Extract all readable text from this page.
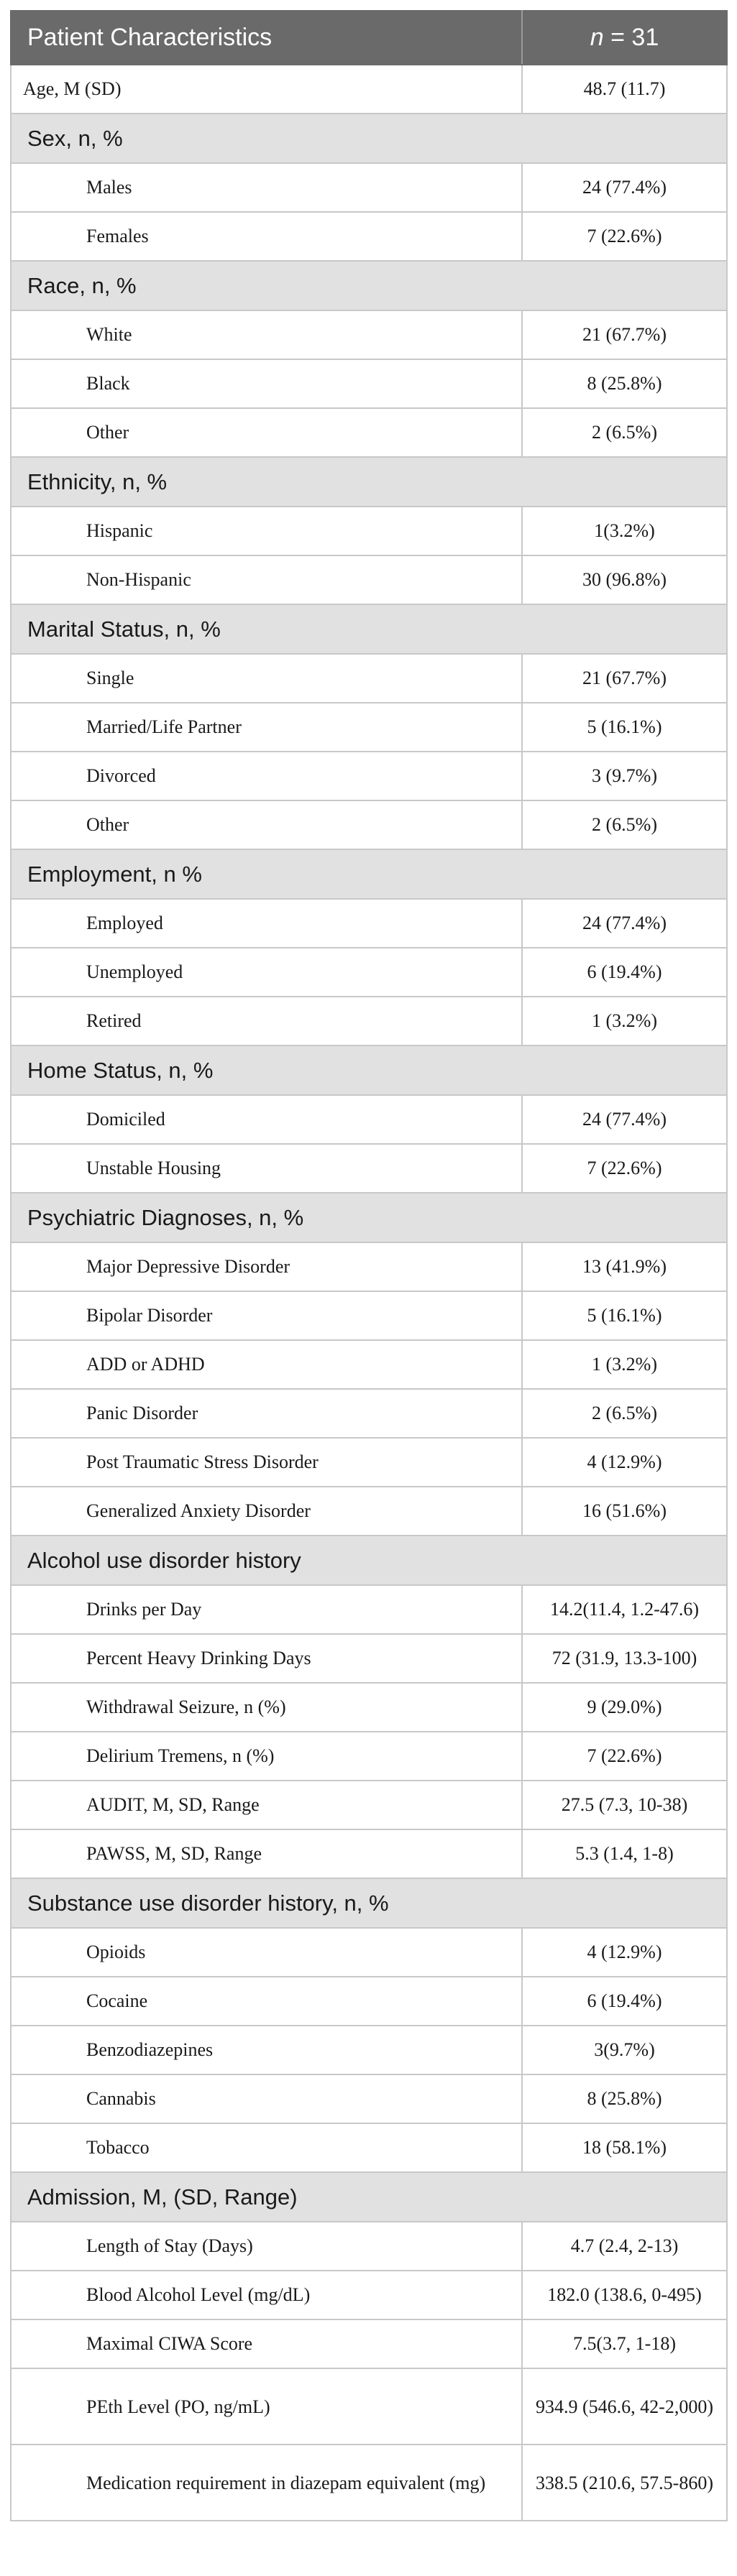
Patient Characteristics	n = 31
Age, M (SD)	48.7 (11.7)
Sex, n, %	
Males	24 (77.4%)
Females	7 (22.6%)
Race, n, %	
White	21 (67.7%)
Black	8 (25.8%)
Other	2 (6.5%)
Ethnicity, n, %	
Hispanic	1(3.2%)
Non-Hispanic	30 (96.8%)
Marital Status, n, %	
Single	21 (67.7%)
Married/Life Partner	5 (16.1%)
Divorced	3 (9.7%)
Other	2 (6.5%)
Employment, n %	
Employed	24 (77.4%)
Unemployed	6 (19.4%)
Retired	1 (3.2%)
Home Status, n, %	
Domiciled	24 (77.4%)
Unstable Housing	7 (22.6%)
Psychiatric Diagnoses, n, %	
Major Depressive Disorder	13 (41.9%)
Bipolar Disorder	5 (16.1%)
ADD or ADHD	1 (3.2%)
Panic Disorder	2 (6.5%)
Post Traumatic Stress Disorder	4 (12.9%)
Generalized Anxiety Disorder	16 (51.6%)
Alcohol use disorder history	
Drinks per Day	14.2(11.4, 1.2-47.6)
Percent Heavy Drinking Days	72 (31.9, 13.3-100)
Withdrawal Seizure, n (%)	9 (29.0%)
Delirium Tremens, n (%)	7 (22.6%)
AUDIT, M, SD, Range	27.5 (7.3, 10-38)
PAWSS, M, SD, Range	5.3 (1.4, 1-8)
Substance use disorder history, n, %	
Opioids	4 (12.9%)
Cocaine	6 (19.4%)
Benzodiazepines	3(9.7%)
Cannabis	8 (25.8%)
Tobacco	18 (58.1%)
Admission, M, (SD, Range)	
Length of Stay (Days)	4.7 (2.4, 2-13)
Blood Alcohol Level (mg/dL)	182.0 (138.6, 0-495)
Maximal CIWA Score	7.5(3.7, 1-18)
PEth Level (PO, ng/mL)	934.9 (546.6, 42-2,000)
Medication requirement in diazepam equivalent (mg)	338.5 (210.6, 57.5-860)
